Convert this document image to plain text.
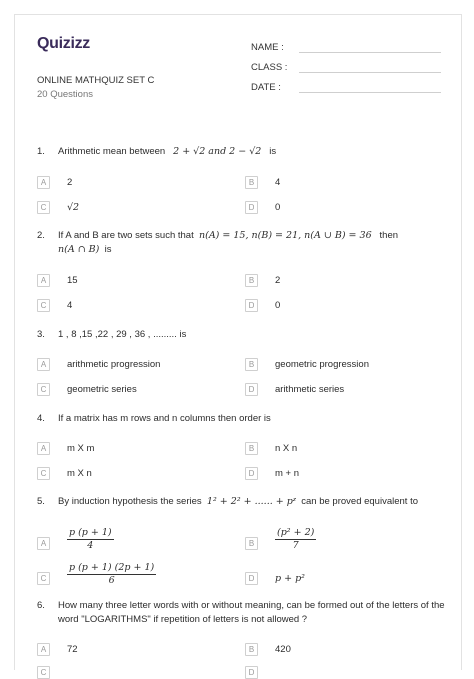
Quizizz
ONLINE MATHQUIZ SET C
20 Questions
NAME :
CLASS :
DATE :
1.	Arithmetic mean between 2 + √2 and 2 − √2 is
A	2	B	4
C	√2	D	0
2.	If A and B are two sets such that n(A) = 15, n(B) = 21, n(A ∪ B) = 36 then
n(A ∩ B) is
A	15	B	2
C	4	D	0
3.	1 , 8 ,15 ,22 , 29 , 36 , ......... is
A	arithmetic progression	B	geometric progression
C	geometric series	D	arithmetic series
4.	If a matrix has m rows and n columns then order is
A	m X m	B	n X n
C	m X n	D	m + n
5.	By induction hypothesis the series 1² + 2² + ...... + pᶻ can be proved equivalent to
A	$\frac{p (p + 1)}{4}$	B	$\frac{\text{(p² + 2)}}{7}$
C	$\frac{p (p + 1) (2p + 1)}{6}$	D	p + p²
6.	How many three letter words with or without meaning, can be formed out of the letters of the word "LOGARITHMS" if repetition of letters is not allowed ?
A	72	B	420
C	D
